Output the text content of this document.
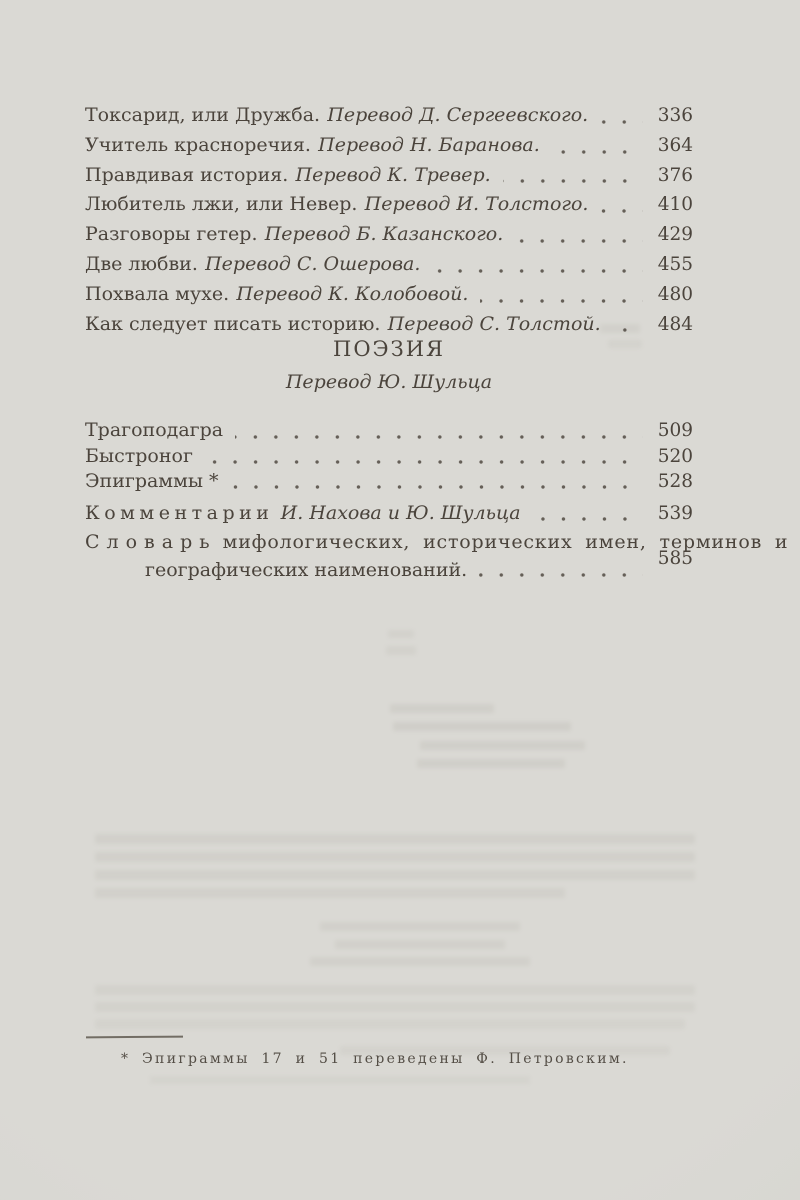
Токсарид, или Дружба. Перевод Д. Сергеевского.	336
Учитель красноречия. Перевод Н. Баранова.	364
Правдивая история. Перевод К. Тревер.	376
Любитель лжи, или Невер. Перевод И. Толстого.	410
Разговоры гетер. Перевод Б. Казанского.	429
Две любви. Перевод С. Ошерова.	455
Похвала мухе. Перевод К. Колобовой.	480
Как следует писать историю. Перевод С. Толстой.	484
ПОЭЗИЯ
Перевод Ю. Шульца
Трагоподагра	509
Быстроног	520
Эпиграммы *	528
Комментарии И. Нахова и Ю. Шульца	539
Словарь мифологических, исторических имен, терминов и
географических наименований.	585
* Эпиграммы 17 и 51 переведены Ф. Петровским.
